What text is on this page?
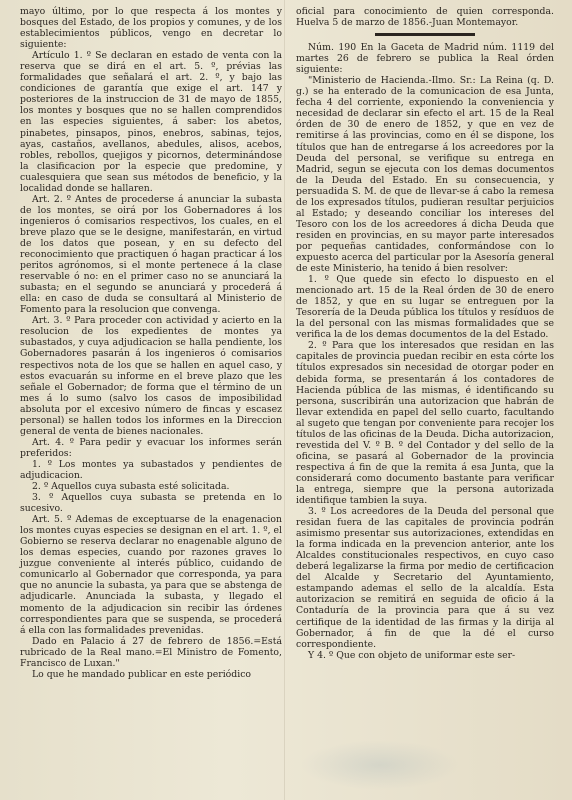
mayo último, por lo que respecta á los montes y bosques del Estado, de los propios y comunes, y de los establecimientos públicos, vengo en decretar lo siguiente:

Artículo 1. º Se declaran en estado de venta con la reserva que se dirá en el art. 5. º, prévias las formalidades que señalará el art. 2. º, y bajo las condiciones de garantía que exige el art. 147 y posteriores de la instruccion de 31 de mayo de 1855, los montes y bosques que no se hallen comprendidos en las especies siguientes, á saber: los abetos, pinabetes, pinsapos, pinos, enebros, sabinas, tejos, ayas, castaños, avellanos, abedules, alisos, acebos, robles, rebollos, quejigos y picornos, determinándose la clasificacion por la especie que predomine, y cualesquiera que sean sus métodos de beneficio, y la localidad donde se hallaren.

Art. 2. º Antes de procederse á anunciar la subasta de los montes, se oirá por los Gobernadores á los ingenieros ó comisarios respectivos, los cuales, en el breve plazo que se le designe, manifestarán, en virtud de los datos que posean, y en su defecto del reconocimiento que practiquen ó hagan practicar á los peritos agrónomos, si el monte pertenece á la clase reservable ó no: en el primer caso no se anunciará la subasta; en el segundo se anunciará y procederá á ella: en caso de duda se consultará al Ministerio de Fomento para la resolucion que convenga.

Art. 3. º Para proceder con actividad y acierto en la resolucion de los expedientes de montes ya subastados, y cuya adjudicacion se halla pendiente, los Gobernadores pasarán á los ingenieros ó comisarios respectivos nota de los que se hallen en aquel caso, y estos evacuarán su informe en el breve plazo que les señale el Gobernador; de forma que el término de un mes á lo sumo (salvo los casos de imposibilidad absoluta por el excesivo número de fincas y escasez personal) se hallen todos los informes en la Direccion general de venta de bienes nacionales.

Art. 4. º Para pedir y evacuar los informes serán preferidos:

1. º Los montes ya subastados y pendientes de adjudicacion.

2. º Aquellos cuya subasta esté solicitada.

3. º Aquellos cuya subasta se pretenda en lo sucesivo.

Art. 5. º Ademas de exceptuarse de la enagenacion los montes cuyas especies se designan en el art. 1. º, el Gobierno se reserva declarar no enagenable alguno de los demas especies, cuando por razones graves lo juzgue conveniente al interés público, cuidando de comunicarlo al Gobernador que corresponda, ya para que no anuncie la subasta, ya para que se abstenga de adjudicarle. Anunciada la subasta, y llegado el momento de la adjudicacion sin recibir las órdenes correspondientes para que se suspenda, se procederá á ella con las formalidades prevenidas.

Dado en Palacio á 27 de febrero de 1856.=Está rubricado de la Real mano.=El Ministro de Fomento, Francisco de Luxan."

Lo que he mandado publicar en este periódico

oficial para conocimiento de quien corresponda. Huelva 5 de marzo de 1856.-Juan Montemayor.

Núm. 190 En la Gaceta de Madrid núm. 1119 del martes 26 de febrero se publica la Real órden siguiente:

"Ministerio de Hacienda.-Ilmo. Sr.: La Reina (q. D. g.) se ha enterado de la comunicacion de esa Junta, fecha 4 del corriente, exponiendo la conveniencia y necesidad de declarar sin efecto el art. 15 de la Real órden de 30 de enero de 1852, y que en vez de remitirse á las provincias, como en él se dispone, los títulos que han de entregarse á los acreedores por la Deuda del personal, se verifique su entrega en Madrid, segun se ejecuta con los demas documentos de la Deuda del Estado. En su consecuencia, y persuadida S. M. de que de llevar-se á cabo la remesa de los expresados títulos, pudieran resultar perjuicios al Estado; y deseando conciliar los intereses del Tesoro con los de los acreedores á dicha Deuda que residen en provincias, en su mayor parte interesados por pequeñas cantidades, conformándose con lo expuesto acerca del particular por la Asesoría general de este Ministerio, ha tenido á bien resolver:

1. º Que quede sin efecto lo dispuesto en el mencionado art. 15 de la Real órden de 30 de enero de 1852, y que en su lugar se entreguen por la Tesorería de la Deuda pública los títulos y resíduos de la del personal con las mismas formalidades que se verifica la de los demas documentos de la del Estado.

2. º Para que los interesados que residan en las capitales de provincia puedan recibir en esta córte los títulos expresados sin necesidad de otorgar poder en debida forma, se presentarán á los contadores de Hacienda pública de las mismas, é identificando su persona, suscribirán una autorizacion que habrán de llevar extendida en papel del sello cuarto, facultando al sugeto que tengan por conveniente para recojer los títulos de las oficinas de la Deuda. Dicha autorizacion, revestida del V. º B. º del Contador y del sello de la oficina, se pasará al Gobernador de la provincia respectiva á fin de que la remita á esa Junta, que la considerará como documento bastante para verificar la entrega, siempre que la persona autorizada identifique tambien la suya.

3. º Los acreedores de la Deuda del personal que residan fuera de las capitales de provincia podrán asimismo presentar sus autorizaciones, extendidas en la forma indicada en la prevencion anterior, ante los Alcaldes constitucionales respectivos, en cuyo caso deberá legalizarse la firma por medio de certificacion del Alcalde y Secretario del Ayuntamiento, estampando ademas el sello de la alcaldía. Esta autorizacion se remitirá en seguida de oficio á la Contaduría de la provincia para que á su vez certifique de la identidad de las firmas y la dirija al Gobernador, á fin de que la dé el curso correspondiente.

Y 4. º Que con objeto de uniformar este ser-
